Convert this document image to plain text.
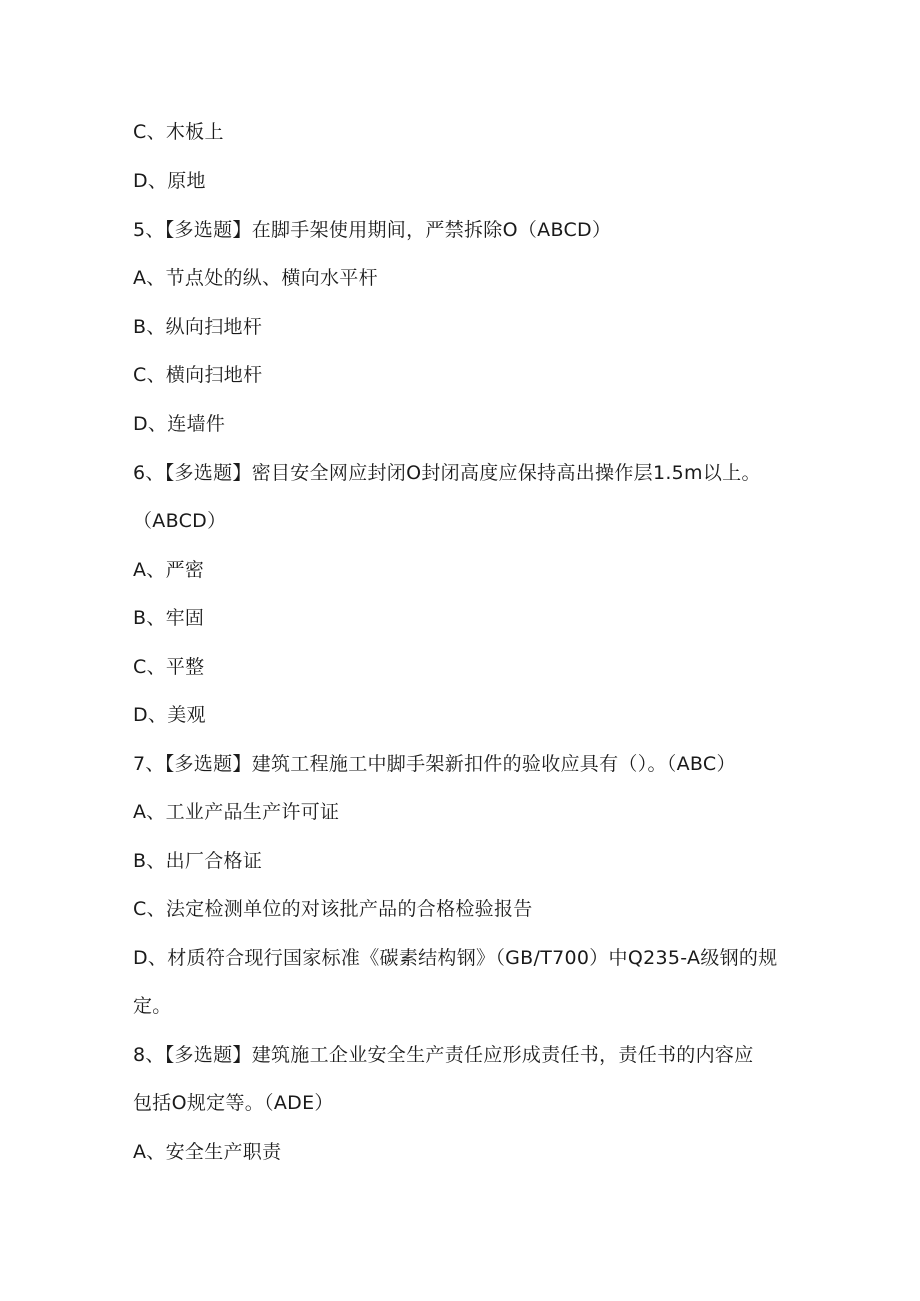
C、木板上
D、原地
5、【多选题】在脚手架使用期间，严禁拆除O（ABCD）
A、节点处的纵、横向水平杆
B、纵向扫地杆
C、横向扫地杆
D、连墙件
6、【多选题】密目安全网应封闭O封闭高度应保持高出操作层1.5m以上。
（ABCD）
A、严密
B、牢固
C、平整
D、美观
7、【多选题】建筑工程施工中脚手架新扣件的验收应具有（）。（ABC）
A、工业产品生产许可证
B、出厂合格证
C、法定检测单位的对该批产品的合格检验报告
D、材质符合现行国家标准《碳素结构钢》（GB/T700）中Q235-A级钢的规
定。
8、【多选题】建筑施工企业安全生产责任应形成责任书，责任书的内容应
包括O规定等。（ADE）
A、安全生产职责
